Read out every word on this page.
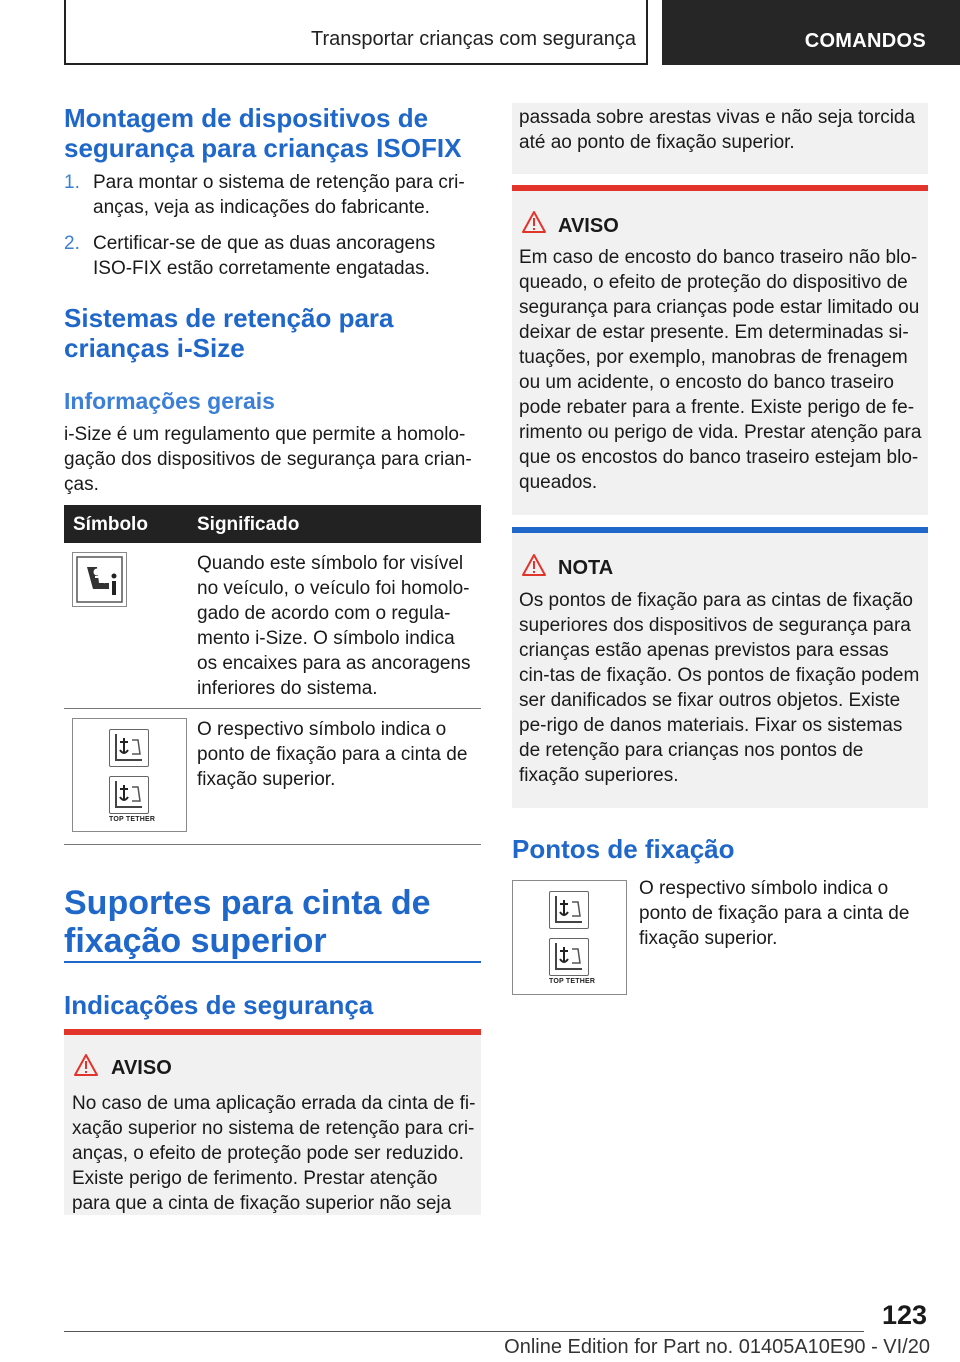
Transportar crianças com segurança	COMANDOS
Montagem de dispositivos de segurança para crianças ISOFIX
1. Para montar o sistema de retenção para cri-anças, veja as indicações do fabricante.
2. Certificar-se de que as duas ancoragens ISO-FIX estão corretamente engatadas.
Sistemas de retenção para crianças i-Size
Informações gerais

i-Size é um regulamento que permite a homolo-gação dos dispositivos de segurança para crian-ças.

Símbolo	Significado
Quando este símbolo for visível no veículo, o veículo foi homolo-gado de acordo com o regula-mento i-Size. O símbolo indica os encaixes para as ancoragens inferiores do sistema.
TOP TETHER
O respectivo símbolo indica o ponto de fixação para a cinta de fixação superior.
Suportes para cinta de fixação superior
Indicações de segurança
AVISO
No caso de uma aplicação errada da cinta de fi-xação superior no sistema de retenção para cri-anças, o efeito de proteção pode ser reduzido. Existe perigo de ferimento. Prestar atenção para que a cinta de fixação superior não seja
passada sobre arestas vivas e não seja torcida até ao ponto de fixação superior.
AVISO
Em caso de encosto do banco traseiro não blo-queado, o efeito de proteção do dispositivo de segurança para crianças pode estar limitado ou deixar de estar presente. Em determinadas si-tuações, por exemplo, manobras de frenagem ou um acidente, o encosto do banco traseiro pode rebater para a frente. Existe perigo de fe-rimento ou perigo de vida. Prestar atenção para que os encostos do banco traseiro estejam blo-queados.
NOTA
Os pontos de fixação para as cintas de fixação superiores dos dispositivos de segurança para crianças estão apenas previstos para essas cin-tas de fixação. Os pontos de fixação podem ser danificados se fixar outros objetos. Existe pe-rigo de danos materiais. Fixar os sistemas de retenção para crianças nos pontos de fixação superiores.
Pontos de fixação
TOP TETHER
O respectivo símbolo indica o ponto de fixação para a cinta de fixação superior.
123
Online Edition for Part no. 01405A10E90 - VI/20
